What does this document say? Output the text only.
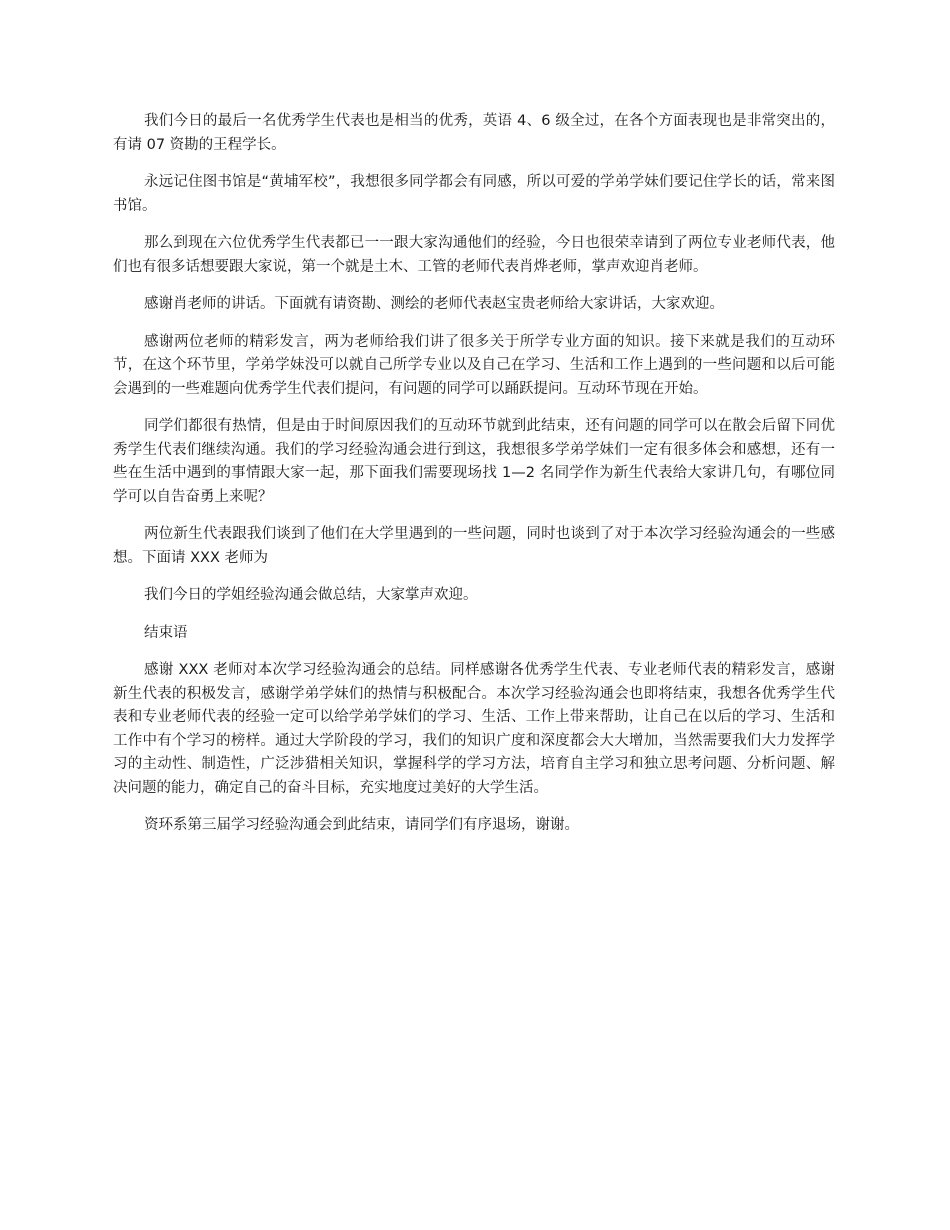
我们今日的最后一名优秀学生代表也是相当的优秀，英语 4、6 级全过，在各个方面表现也是非常突出的，有请 07 资勘的王程学长。

永远记住图书馆是“黄埔军校”，我想很多同学都会有同感，所以可爱的学弟学妹们要记住学长的话，常来图书馆。

那么到现在六位优秀学生代表都已一一跟大家沟通他们的经验，今日也很荣幸请到了两位专业老师代表，他们也有很多话想要跟大家说，第一个就是土木、工管的老师代表肖烨老师，掌声欢迎肖老师。

感谢肖老师的讲话。下面就有请资勘、测绘的老师代表赵宝贵老师给大家讲话，大家欢迎。

感谢两位老师的精彩发言，两为老师给我们讲了很多关于所学专业方面的知识。接下来就是我们的互动环节，在这个环节里，学弟学妹没可以就自己所学专业以及自己在学习、生活和工作上遇到的一些问题和以后可能会遇到的一些难题向优秀学生代表们提问，有问题的同学可以踊跃提问。互动环节现在开始。

同学们都很有热情，但是由于时间原因我们的互动环节就到此结束，还有问题的同学可以在散会后留下同优秀学生代表们继续沟通。我们的学习经验沟通会进行到这，我想很多学弟学妹们一定有很多体会和感想，还有一些在生活中遇到的事情跟大家一起，那下面我们需要现场找 1—2 名同学作为新生代表给大家讲几句，有哪位同学可以自告奋勇上来呢？

两位新生代表跟我们谈到了他们在大学里遇到的一些问题，同时也谈到了对于本次学习经验沟通会的一些感想。下面请 XXX 老师为

我们今日的学姐经验沟通会做总结，大家掌声欢迎。

结束语

感谢 XXX 老师对本次学习经验沟通会的总结。同样感谢各优秀学生代表、专业老师代表的精彩发言，感谢新生代表的积极发言，感谢学弟学妹们的热情与积极配合。本次学习经验沟通会也即将结束，我想各优秀学生代表和专业老师代表的经验一定可以给学弟学妹们的学习、生活、工作上带来帮助，让自己在以后的学习、生活和工作中有个学习的榜样。通过大学阶段的学习，我们的知识广度和深度都会大大增加，当然需要我们大力发挥学习的主动性、制造性，广泛涉猎相关知识，掌握科学的学习方法，培育自主学习和独立思考问题、分析问题、解决问题的能力，确定自己的奋斗目标，充实地度过美好的大学生活。

资环系第三届学习经验沟通会到此结束，请同学们有序退场，谢谢。
